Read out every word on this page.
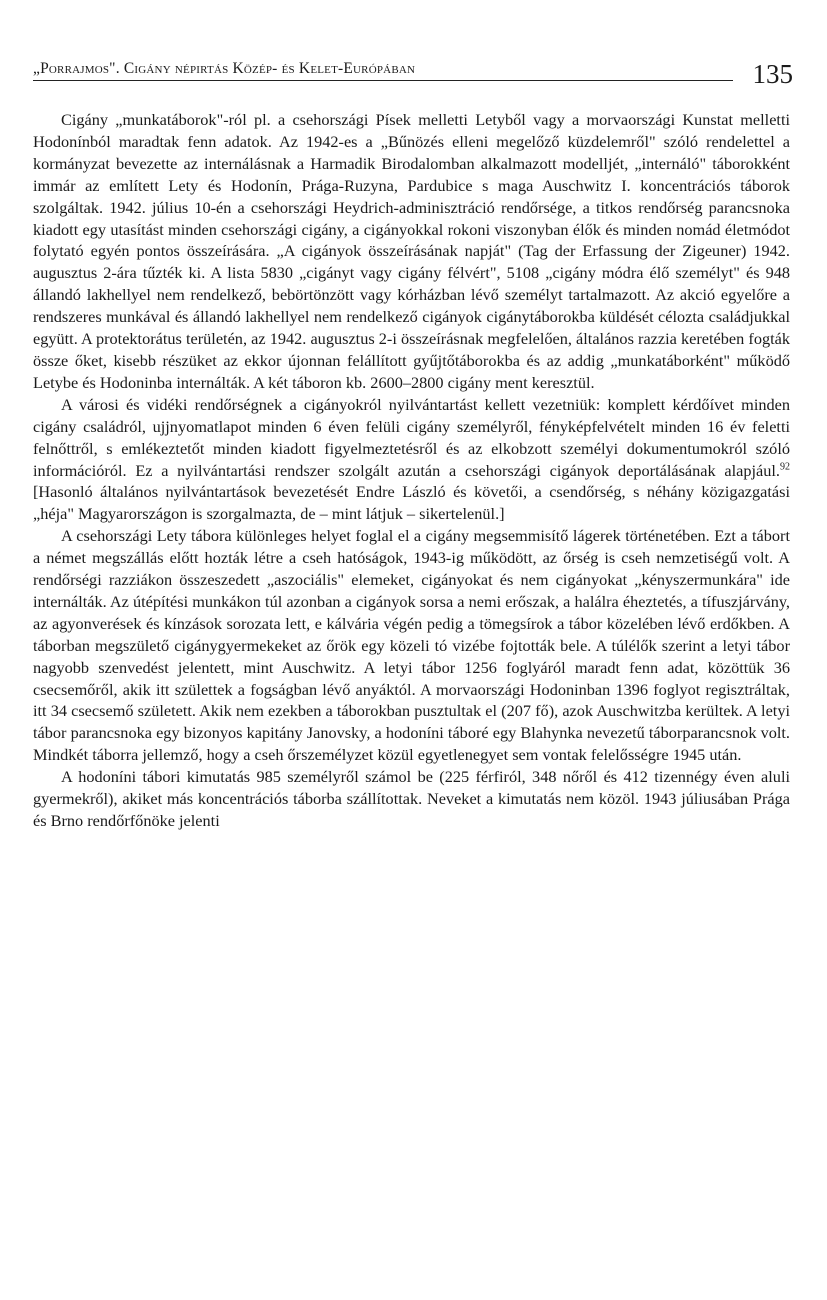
„Porrajmos". Cigány népirtás Közép- és Kelet-Európában	135

Cigány „munkatáborok"-ról pl. a csehországi Písek melletti Letyből vagy a morvaországi Kunstat melletti Hodonínból maradtak fenn adatok. Az 1942-es a „Bűnözés elleni megelőző küzdelemről" szóló rendelettel a kormányzat bevezette az internálásnak a Harmadik Birodalomban alkalmazott modelljét, „internáló" táborokként immár az említett Lety és Hodonín, Prága-Ruzyna, Pardubice s maga Auschwitz I. koncentrációs táborok szolgáltak. 1942. július 10-én a csehországi Heydrich-adminisztráció rendőrsége, a titkos rendőrség parancsnoka kiadott egy utasítást minden csehországi cigány, a cigányokkal rokoni viszonyban élők és minden nomád életmódot folytató egyén pontos összeírására. „A cigányok összeírásának napját" (Tag der Erfassung der Zigeuner) 1942. augusztus 2-ára tűzték ki. A lista 5830 „cigányt vagy cigány félvért", 5108 „cigány módra élő személyt" és 948 állandó lakhellyel nem rendelkező, bebörtönzött vagy kórházban lévő személyt tartalmazott. Az akció egyelőre a rendszeres munkával és állandó lakhellyel nem rendelkező cigányok cigánytáborokba küldését célozta családjukkal együtt. A protektorátus területén, az 1942. augusztus 2-i összeírásnak megfelelően, általános razzia keretében fogták össze őket, kisebb részüket az ekkor újonnan felállított gyűjtőtáborokba és az addig „munkatáborként" működő Letybe és Hodoninba internálták. A két táboron kb. 2600–2800 cigány ment keresztül.

A városi és vidéki rendőrségnek a cigányokról nyilvántartást kellett vezetniük: komplett kérdőívet minden cigány családról, ujjnyomatlapot minden 6 éven felüli cigány személyről, fényképfelvételt minden 16 év feletti felnőttről, s emlékeztetőt minden kiadott figyelmeztetésről és az elkobzott személyi dokumentumokról szóló információról. Ez a nyilvántartási rendszer szolgált azután a csehországi cigányok deportálásának alapjául.$^{92}$ [Hasonló általános nyilvántartások bevezetését Endre László és követői, a csendőrség, s néhány közigazgatási „héja" Magyarországon is szorgalmazta, de – mint látjuk – sikertelenül.]

A csehországi Lety tábora különleges helyet foglal el a cigány megsemmisítő lágerek történetében. Ezt a tábort a német megszállás előtt hozták létre a cseh hatóságok, 1943-ig működött, az őrség is cseh nemzetiségű volt. A rendőrségi razziákon összeszedett „aszociális" elemeket, cigányokat és nem cigányokat „kényszermunkára" ide internálták. Az útépítési munkákon túl azonban a cigányok sorsa a nemi erőszak, a halálra éheztetés, a tífuszjárvány, az agyonverések és kínzások sorozata lett, e kálvária végén pedig a tömegsírok a tábor közelében lévő erdőkben. A táborban megszülető cigánygyermekeket az őrök egy közeli tó vizébe fojtották bele. A túlélők szerint a letyi tábor nagyobb szenvedést jelentett, mint Auschwitz. A letyi tábor 1256 foglyáról maradt fenn adat, közöttük 36 csecsemőről, akik itt születtek a fogságban lévő anyáktól. A morvaországi Hodoninban 1396 foglyot regisztráltak, itt 34 csecsemő született. Akik nem ezekben a táborokban pusztultak el (207 fő), azok Auschwitzba kerültek. A letyi tábor parancsnoka egy bizonyos kapitány Janovsky, a hodoníni táboré egy Blahynka nevezetű táborparancsnok volt. Mindkét táborra jellemző, hogy a cseh őrszemélyzet közül egyetlenegyet sem vontak felelősségre 1945 után.

A hodoníni tábori kimutatás 985 személyről számol be (225 férfiról, 348 nőről és 412 tizennégy éven aluli gyermekről), akiket más koncentrációs táborba szállítottak. Neveket a kimutatás nem közöl. 1943 júliusában Prága és Brno rendőrfőnöke jelenti
